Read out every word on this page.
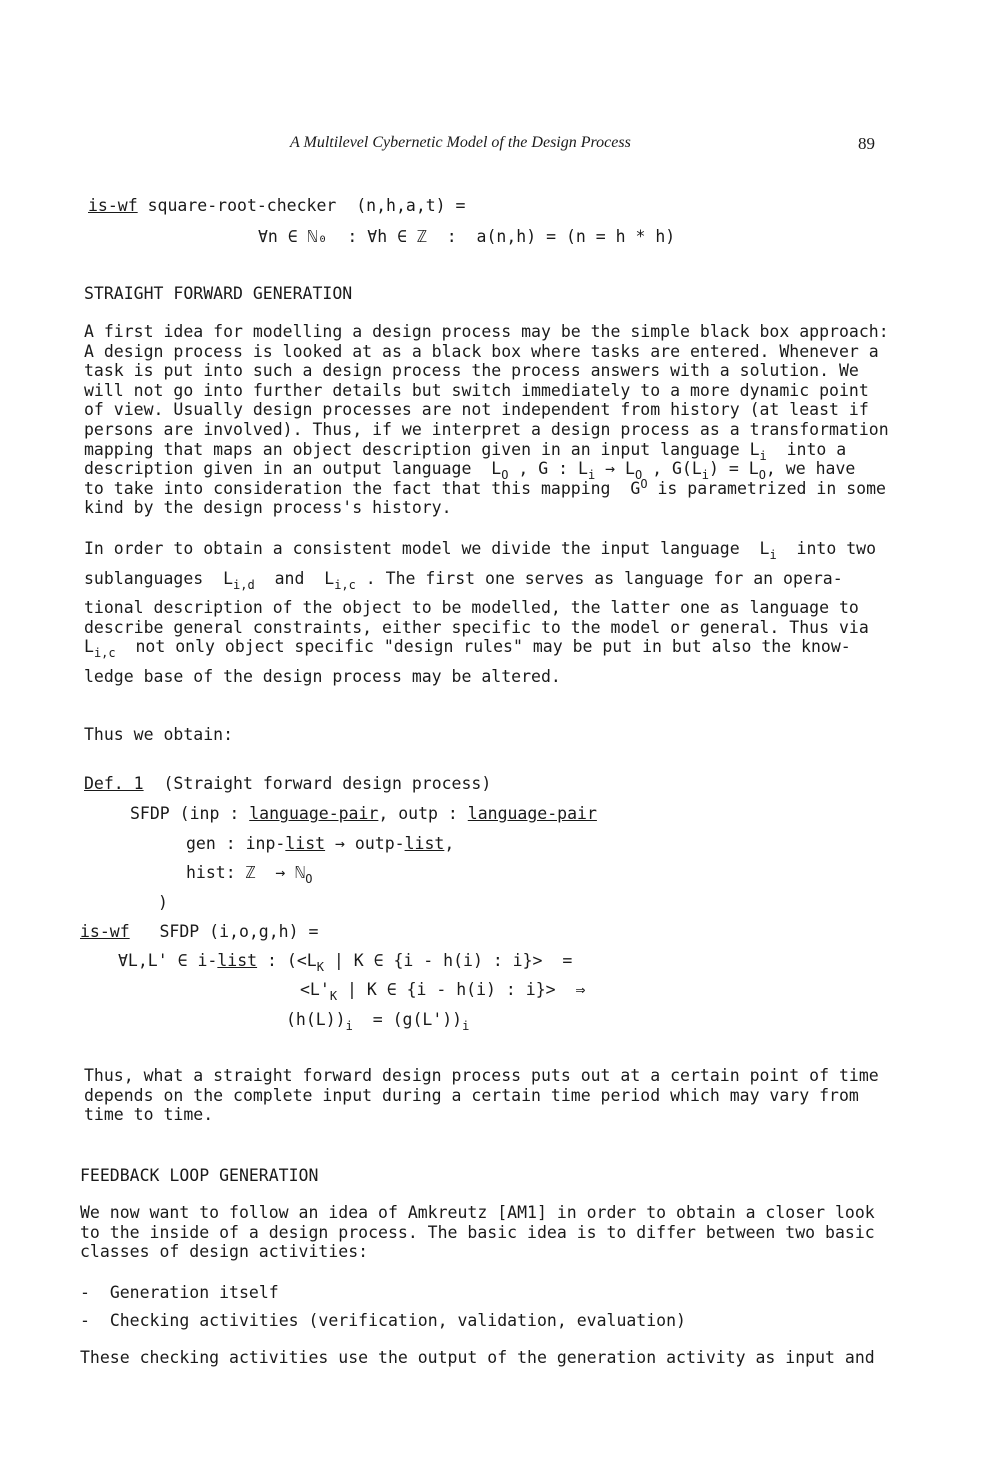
A Multilevel Cybernetic Model of the Design Process	89
is-wf square-root-checker  (n,h,a,t) =
∀n ∈ ℕ₀  : ∀h ∈ ℤ  :  a(n,h) = (n = h * h)
STRAIGHT FORWARD GENERATION
A first idea for modelling a design process may be the simple black box approach:
A design process is looked at as a black box where tasks are entered. Whenever a
task is put into such a design process the process answers with a solution. We
will not go into further details but switch immediately to a more dynamic point
of view. Usually design processes are not independent from history (at least if
persons are involved). Thus, if we interpret a design process as a transformation
mapping that maps an object description given in an input language $L_i$  into a
description given in an output language  $L_O$ , G : $L_i \to L_O$ , $G(L_i) = L_O$, we have
to take into consideration the fact that this mapping  $G^O$ is parametrized in some
kind by the design process's history.
In order to obtain a consistent model we divide the input language  $L_i$  into two
sublanguages  $L_{i,d}$  and  $L_{i,c}$ . The first one serves as language for an opera-
tional description of the object to be modelled, the latter one as language to
describe general constraints, either specific to the model or general. Thus via
$L_{i,c}$  not only object specific "design rules" may be put in but also the know-
ledge base of the design process may be altered.
Thus we obtain:
Def. 1  (Straight forward design process)
SFDP (inp : language-pair, outp : language-pair
gen : inp-list → outp-list,
hist: ℤ  → ℕ$_O$
)
is-wf   SFDP (i,o,g,h) =
∀L,L' ∈ i-list : ($<L_K$ | K ∈ {i - h(i) : i}>  =
$<L'_K$ | K ∈ {i - h(i) : i}>  ⇒
$(h(L))_i = (g(L'))_i$
Thus, what a straight forward design process puts out at a certain point of time
depends on the complete input during a certain time period which may vary from
time to time.
FEEDBACK LOOP GENERATION
We now want to follow an idea of Amkreutz [AM1] in order to obtain a closer look
to the inside of a design process. The basic idea is to differ between two basic
classes of design activities:
-  Generation itself
-  Checking activities (verification, validation, evaluation)
These checking activities use the output of the generation activity as input and
